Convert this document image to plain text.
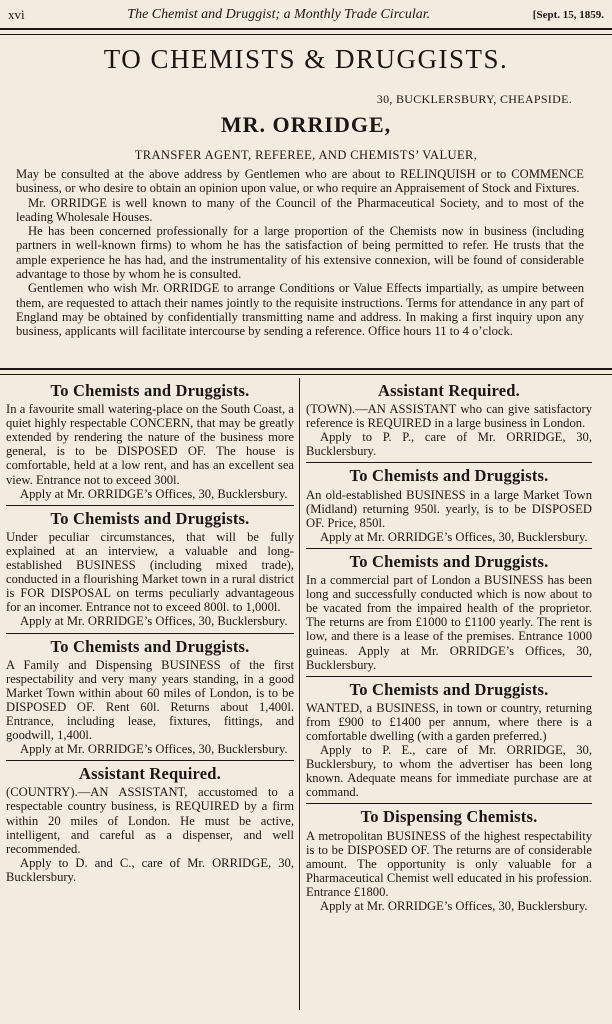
xvi	The Chemist and Druggist; a Monthly Trade Circular.	[Sept. 15, 1859.
TO CHEMISTS & DRUGGISTS.
30, BUCKLERSBURY, CHEAPSIDE.
MR. ORRIDGE,
TRANSFER AGENT, REFEREE, AND CHEMISTS’ VALUER,

May be consulted at the above address by Gentlemen who are about to RELINQUISH or to COMMENCE business, or who desire to obtain an opinion upon value, or who require an Appraisement of Stock and Fixtures.

Mr. ORRIDGE is well known to many of the Council of the Pharmaceutical Society, and to most of the leading Wholesale Houses.

He has been concerned professionally for a large proportion of the Chemists now in business (including partners in well-known firms) to whom he has the satisfaction of being permitted to refer. He trusts that the ample experience he has had, and the instrumentality of his extensive connexion, will be found of considerable advantage to those by whom he is consulted.

Gentlemen who wish Mr. ORRIDGE to arrange Conditions or Value Effects impartially, as umpire between them, are requested to attach their names jointly to the requisite instructions. Terms for attendance in any part of England may be obtained by confidentially transmitting name and address. In making a first inquiry upon any business, applicants will facilitate intercourse by sending a reference. Office hours 11 to 4 o’clock.

To Chemists and Druggists.

In a favourite small watering-place on the South Coast, a quiet highly respectable CONCERN, that may be greatly extended by rendering the nature of the business more general, is to be DISPOSED OF. The house is comfortable, held at a low rent, and has an excellent sea view. Entrance not to exceed 300l.

Apply at Mr. ORRIDGE’s Offices, 30, Bucklersbury.

To Chemists and Druggists.

Under peculiar circumstances, that will be fully explained at an interview, a valuable and long-established BUSINESS (including mixed trade), conducted in a flourishing Market town in a rural district is FOR DISPOSAL on terms peculiarly advantageous for an incomer. Entrance not to exceed 800l. to 1,000l.

Apply at Mr. ORRIDGE’s Offices, 30, Bucklersbury.

To Chemists and Druggists.

A Family and Dispensing BUSINESS of the first respectability and very many years standing, in a good Market Town within about 60 miles of London, is to be DISPOSED OF. Rent 60l. Returns about 1,400l. Entrance, including lease, fixtures, fittings, and goodwill, 1,400l.

Apply at Mr. ORRIDGE’s Offices, 30, Bucklersbury.

Assistant Required.

(COUNTRY).—AN ASSISTANT, accustomed to a respectable country business, is REQUIRED by a firm within 20 miles of London. He must be active, intelligent, and careful as a dispenser, and well recommended.

Apply to D. and C., care of Mr. ORRIDGE, 30, Bucklersbury.

Assistant Required.

(TOWN).—AN ASSISTANT who can give satisfactory reference is REQUIRED in a large business in London.

Apply to P. P., care of Mr. ORRIDGE, 30, Bucklersbury.

To Chemists and Druggists.

An old-established BUSINESS in a large Market Town (Midland) returning 950l. yearly, is to be DISPOSED OF. Price, 850l.

Apply at Mr. ORRIDGE’s Offices, 30, Bucklersbury.

To Chemists and Druggists.

In a commercial part of London a BUSINESS has been long and successfully conducted which is now about to be vacated from the impaired health of the proprietor. The returns are from £1000 to £1100 yearly. The rent is low, and there is a lease of the premises. Entrance 1000 guineas. Apply at Mr. ORRIDGE’s Offices, 30, Bucklersbury.

To Chemists and Druggists.

WANTED, a BUSINESS, in town or country, returning from £900 to £1400 per annum, where there is a comfortable dwelling (with a garden preferred.)

Apply to P. E., care of Mr. ORRIDGE, 30, Bucklersbury, to whom the advertiser has been long known. Adequate means for immediate purchase are at command.

To Dispensing Chemists.

A metropolitan BUSINESS of the highest respectability is to be DISPOSED OF. The returns are of considerable amount. The opportunity is only valuable for a Pharmaceutical Chemist well educated in his profession. Entrance £1800.

Apply at Mr. ORRIDGE’s Offices, 30, Bucklersbury.
